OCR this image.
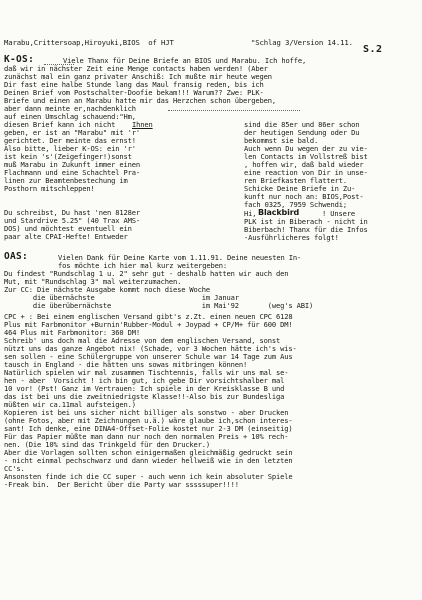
Marabu,Crittersoap,Hiroyuki,BIOS  of HJT	"Schlag 3/Version 14.11.
S.2
K-OS:	Viele Thanx für Deine Briefe an BIOS und Marabu. Ich hoffe,
daß wir in nächster Zeit eine Menge contacts haben werden! (Aber
zunächst mal ein ganz privater Anschiß: Ich mußte mir heute wegen
Dir fast eine halbe Stunde lang das Maul fransig reden, bis ich
Deinen Brief vom Postschalter-Doofie bekam!!! Warum?? Zwe: PLK-
Briefe und einen an Marabu hatte mir das Herzchen schon übergeben,
aber dann meinte er,nachdenklich
auf einen Umschlag schauend:"Hm,
diesen Brief kann ich nicht Ihnen
geben, er ist an "Marabu" mit 'r'
gerichtet. Der meinte das ernst!
Also bitte, lieber K-OS: ein 'r'
ist kein 's'(Zeigefinger!)sonst
muß Marabu in Zukunft immer einen
Flachmann und eine Schachtel Pra-
linen zur Beamtenbestechung im
Posthorn mitschleppen!
sind die 85er und 86er schon
der heutigen Sendung oder Du
bekommst sie bald.
Auch wenn Du wegen der zu vie-
len Contacts im Vollstreß bist
, hoffen wir, daß bald wieder
eine reaction von Dir in unse-
ren Briefkasten flattert.
Schicke Deine Briefe in Zu-
kunft nur noch an: BIOS,Post-
fach 0325, 7959 Schwendi;
Hi, Blackbird	! Unsere
PLK ist in Biberach - nicht in
Biberbach! Thanx für die Infos
-Ausführlicheres folgt!
Du schreibst, Du hast 'nen 8128er
und Stardrive 5.25" (40 Trax AMS-
DOS) und möchtest eventuell ein
paar alte CPAI-Hefte! Entweder
OAS:	Vielen Dank für Deine Karte vom 1.11.91. Deine neuesten In-
fos möchte ich hier mal kurz weitergeben:
Du findest "Rundschlag 1 u. 2" sehr gut - deshalb hatten wir auch den
Mut, mit "Rundschlag 3" mal weiterzumachen.
Zur CC: Die nächste Ausgabe kommt noch diese Woche
die übernächste                          im Januar
die überübernächste                      im Mai'92       (weg's ABI)
CPC + : Bei einem englischen Versand gibt's z.Zt. einen neuen CPC 6128
Plus mit Farbmonitor +Burnin'Rubber-Modul + Joypad + CP/M+ für 600 DM!
464 Plus mit Farbmonitor: 360 DM!
Schreib' uns doch mal die Adresse von dem englischen Versand, sonst
nützt uns das ganze Angebot nix! (Schade, vor 3 Wochen hätte ich's wis-
sen sollen - eine Schülergruppe von unserer Schule war 14 Tage zum Aus
tausch in England - die hätten uns sowas mitbringen können!
Natürlich spielen wir mal zusammen Tischtennis, falls wir uns mal se-
hen - aber  Vorsicht ! ich bin gut, ich gebe Dir vorsichtshalber mal
10 vor! (Pst! Ganz im Vertrauen: Ich spiele in der Kreisklasse B und
das ist bei uns die zweitniedrigste Klasse!!-Also bis zur Bundesliga
müßten wir ca.11mal aufsteigen.)
Kopieren ist bei uns sicher nicht billiger als sonstwo - aber Drucken
(ohne Fotos, aber mit Zeichnungen u.ä.) wäre glaube ich,schon interes-
sant! Ich denke, eine DINA4-Offset-Folie kostet nur 2-3 DM (einseitig)
Für das Papier müßte man dann nur noch den normalen Preis + 10% rech-
nen. (Die 10% sind das Trinkgeld für den Drucker.)
Aber die Vorlagen sollten schon einigermaßen gleichmäßig gedruckt sein
- nicht einmal pechschwarz und dann wieder hellweiß wie in den letzten
CC's.
Ansonsten finde ich die CC super - auch wenn ich kein absoluter Spiele
-Freak bin.  Der Bericht über die Party war sssssuper!!!!
